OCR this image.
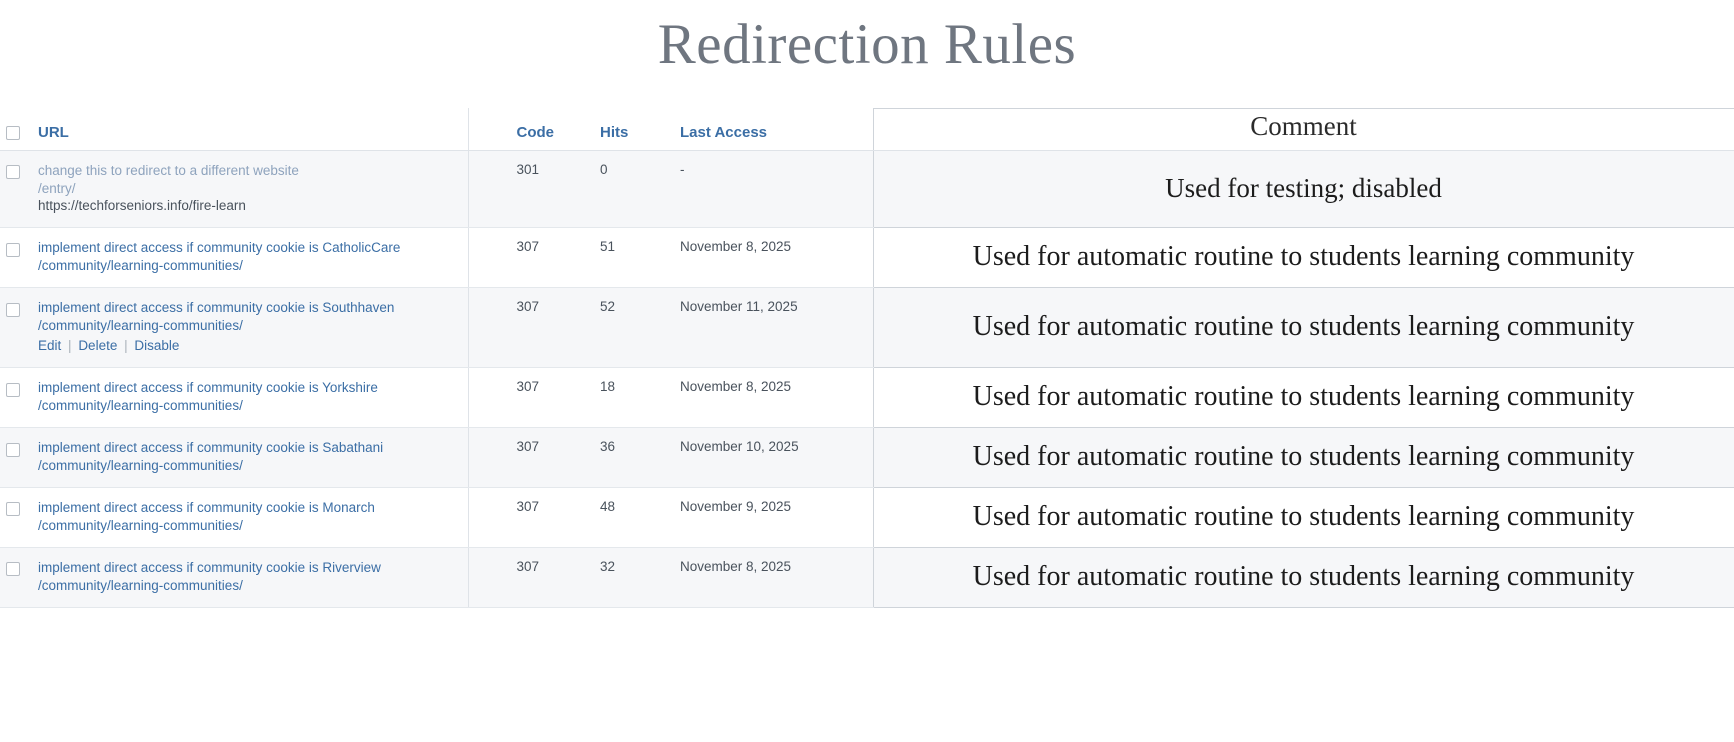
Redirection Rules
	URL	Code	Hits	Last Access	Comment

change this to redirect to a different website
/entry/
https://techforseniors.info/fire-learn	301	0	-	Used for testing; disabled

implement direct access if community cookie is CatholicCare
/community/learning-communities/	307	51	November 8, 2025	Used for automatic routine to students learning community

implement direct access if community cookie is Southhaven
/community/learning-communities/
Edit | Delete | Disable	307	52	November 11, 2025	Used for automatic routine to students learning community

implement direct access if community cookie is Yorkshire
/community/learning-communities/	307	18	November 8, 2025	Used for automatic routine to students learning community

implement direct access if community cookie is Sabathani
/community/learning-communities/	307	36	November 10, 2025	Used for automatic routine to students learning community

implement direct access if community cookie is Monarch
/community/learning-communities/	307	48	November 9, 2025	Used for automatic routine to students learning community

implement direct access if community cookie is Riverview
/community/learning-communities/	307	32	November 8, 2025	Used for automatic routine to students learning community
